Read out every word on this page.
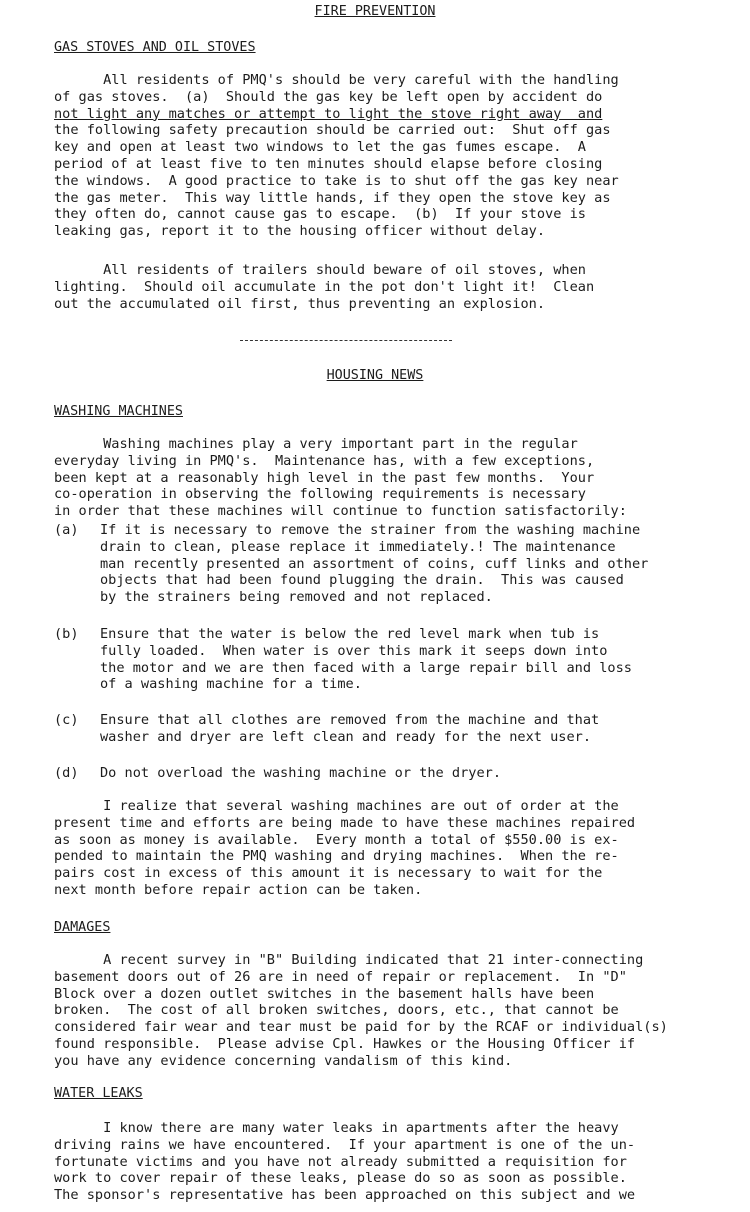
FIRE PREVENTION
GAS STOVES AND OIL STOVES
All residents of PMQ's should be very careful with the handling
of gas stoves.  (a)  Should the gas key be left open by accident do
not light any matches or attempt to light the stove right away  and
the following safety precaution should be carried out:  Shut off gas
key and open at least two windows to let the gas fumes escape.  A
period of at least five to ten minutes should elapse before closing
the windows.  A good practice to take is to shut off the gas key near
the gas meter.  This way little hands, if they open the stove key as
they often do, cannot cause gas to escape.  (b)  If your stove is
leaking gas, report it to the housing officer without delay.
All residents of trailers should beware of oil stoves, when
lighting.  Should oil accumulate in the pot don't light it!  Clean
out the accumulated oil first, thus preventing an explosion.
HOUSING NEWS
WASHING MACHINES
Washing machines play a very important part in the regular
everyday living in PMQ's.  Maintenance has, with a few exceptions,
been kept at a reasonably high level in the past few months.  Your
co-operation in observing the following requirements is necessary
in order that these machines will continue to function satisfactorily:
(a) If it is necessary to remove the strainer from the washing machine
drain to clean, please replace it immediately.! The maintenance
man recently presented an assortment of coins, cuff links and other
objects that had been found plugging the drain.  This was caused
by the strainers being removed and not replaced.
(b) Ensure that the water is below the red level mark when tub is
fully loaded.  When water is over this mark it seeps down into
the motor and we are then faced with a large repair bill and loss
of a washing machine for a time.
(c) Ensure that all clothes are removed from the machine and that
washer and dryer are left clean and ready for the next user.
(d) Do not overload the washing machine or the dryer.
I realize that several washing machines are out of order at the
present time and efforts are being made to have these machines repaired
as soon as money is available.  Every month a total of $550.00 is ex-
pended to maintain the PMQ washing and drying machines.  When the re-
pairs cost in excess of this amount it is necessary to wait for the
next month before repair action can be taken.
DAMAGES
A recent survey in "B" Building indicated that 21 inter-connecting
basement doors out of 26 are in need of repair or replacement.  In "D"
Block over a dozen outlet switches in the basement halls have been
broken.  The cost of all broken switches, doors, etc., that cannot be
considered fair wear and tear must be paid for by the RCAF or individual(s)
found responsible.  Please advise Cpl. Hawkes or the Housing Officer if
you have any evidence concerning vandalism of this kind.
WATER LEAKS
I know there are many water leaks in apartments after the heavy
driving rains we have encountered.  If your apartment is one of the un-
fortunate victims and you have not already submitted a requisition for
work to cover repair of these leaks, please do so as soon as possible.
The sponsor's representative has been approached on this subject and we
